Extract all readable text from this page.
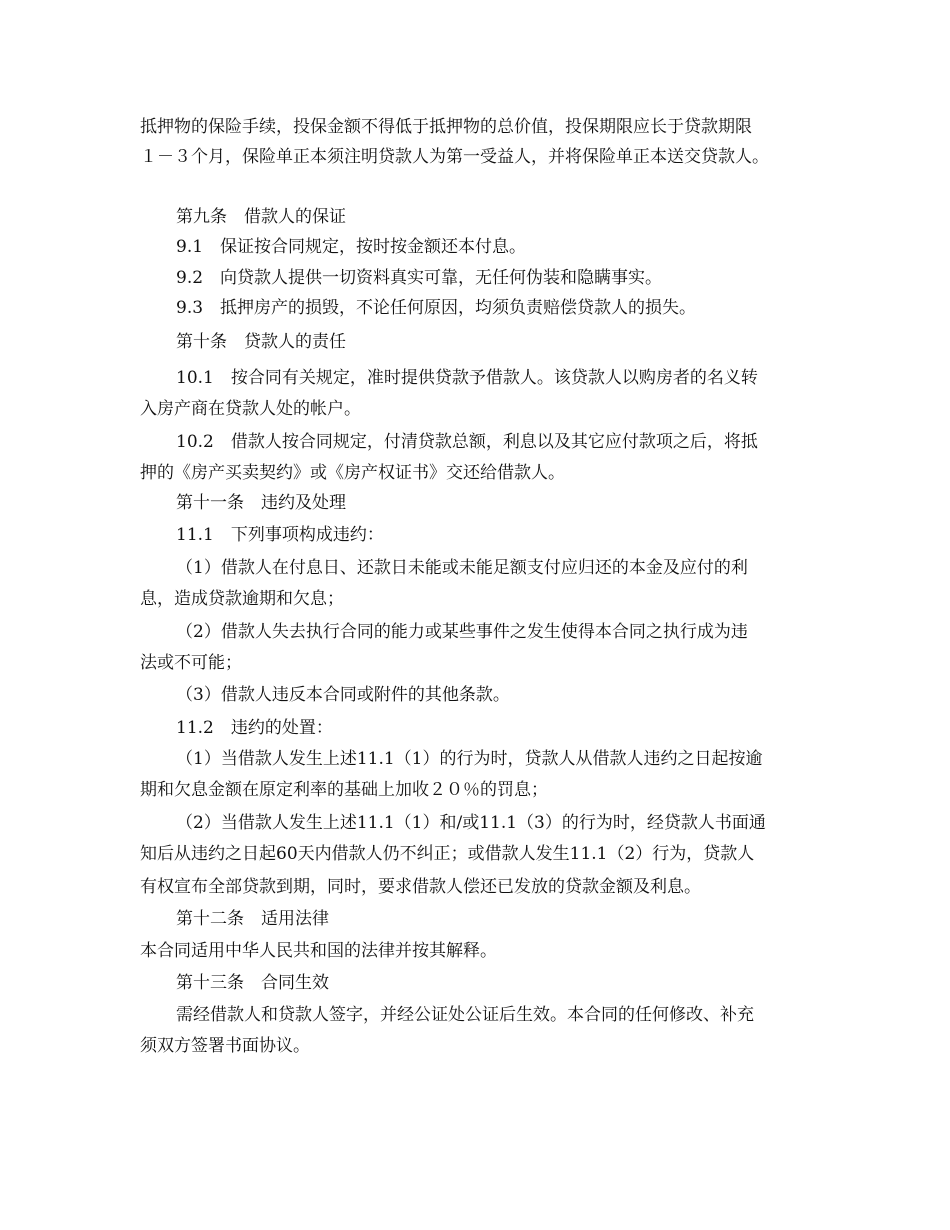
抵押物的保险手续，投保金额不得低于抵押物的总价值，投保期限应长于贷款期限
１－３个月，保险单正本须注明贷款人为第一受益人，并将保险单正本送交贷款人。
第九条　借款人的保证
9.1　保证按合同规定，按时按金额还本付息。
9.2　向贷款人提供一切资料真实可靠，无任何伪装和隐瞒事实。
9.3　抵押房产的损毁，不论任何原因，均须负责赔偿贷款人的损失。
第十条　贷款人的责任
10.1　按合同有关规定，准时提供贷款予借款人。该贷款人以购房者的名义转
入房产商在贷款人处的帐户。
10.2　借款人按合同规定，付清贷款总额，利息以及其它应付款项之后，将抵
押的《房产买卖契约》或《房产权证书》交还给借款人。
第十一条　违约及处理
11.1　下列事项构成违约：
（1）借款人在付息日、还款日未能或未能足额支付应归还的本金及应付的利
息，造成贷款逾期和欠息；
（2）借款人失去执行合同的能力或某些事件之发生使得本合同之执行成为违
法或不可能；
（3）借款人违反本合同或附件的其他条款。
11.2　违约的处置：
（1）当借款人发生上述11.1（1）的行为时，贷款人从借款人违约之日起按逾
期和欠息金额在原定利率的基础上加收２０％的罚息；
（2）当借款人发生上述11.1（1）和/或11.1（3）的行为时，经贷款人书面通
知后从违约之日起60天内借款人仍不纠正；或借款人发生11.1（2）行为，贷款人
有权宣布全部贷款到期，同时，要求借款人偿还已发放的贷款金额及利息。
第十二条　适用法律
本合同适用中华人民共和国的法律并按其解释。
第十三条　合同生效
需经借款人和贷款人签字，并经公证处公证后生效。本合同的任何修改、补充
须双方签署书面协议。
